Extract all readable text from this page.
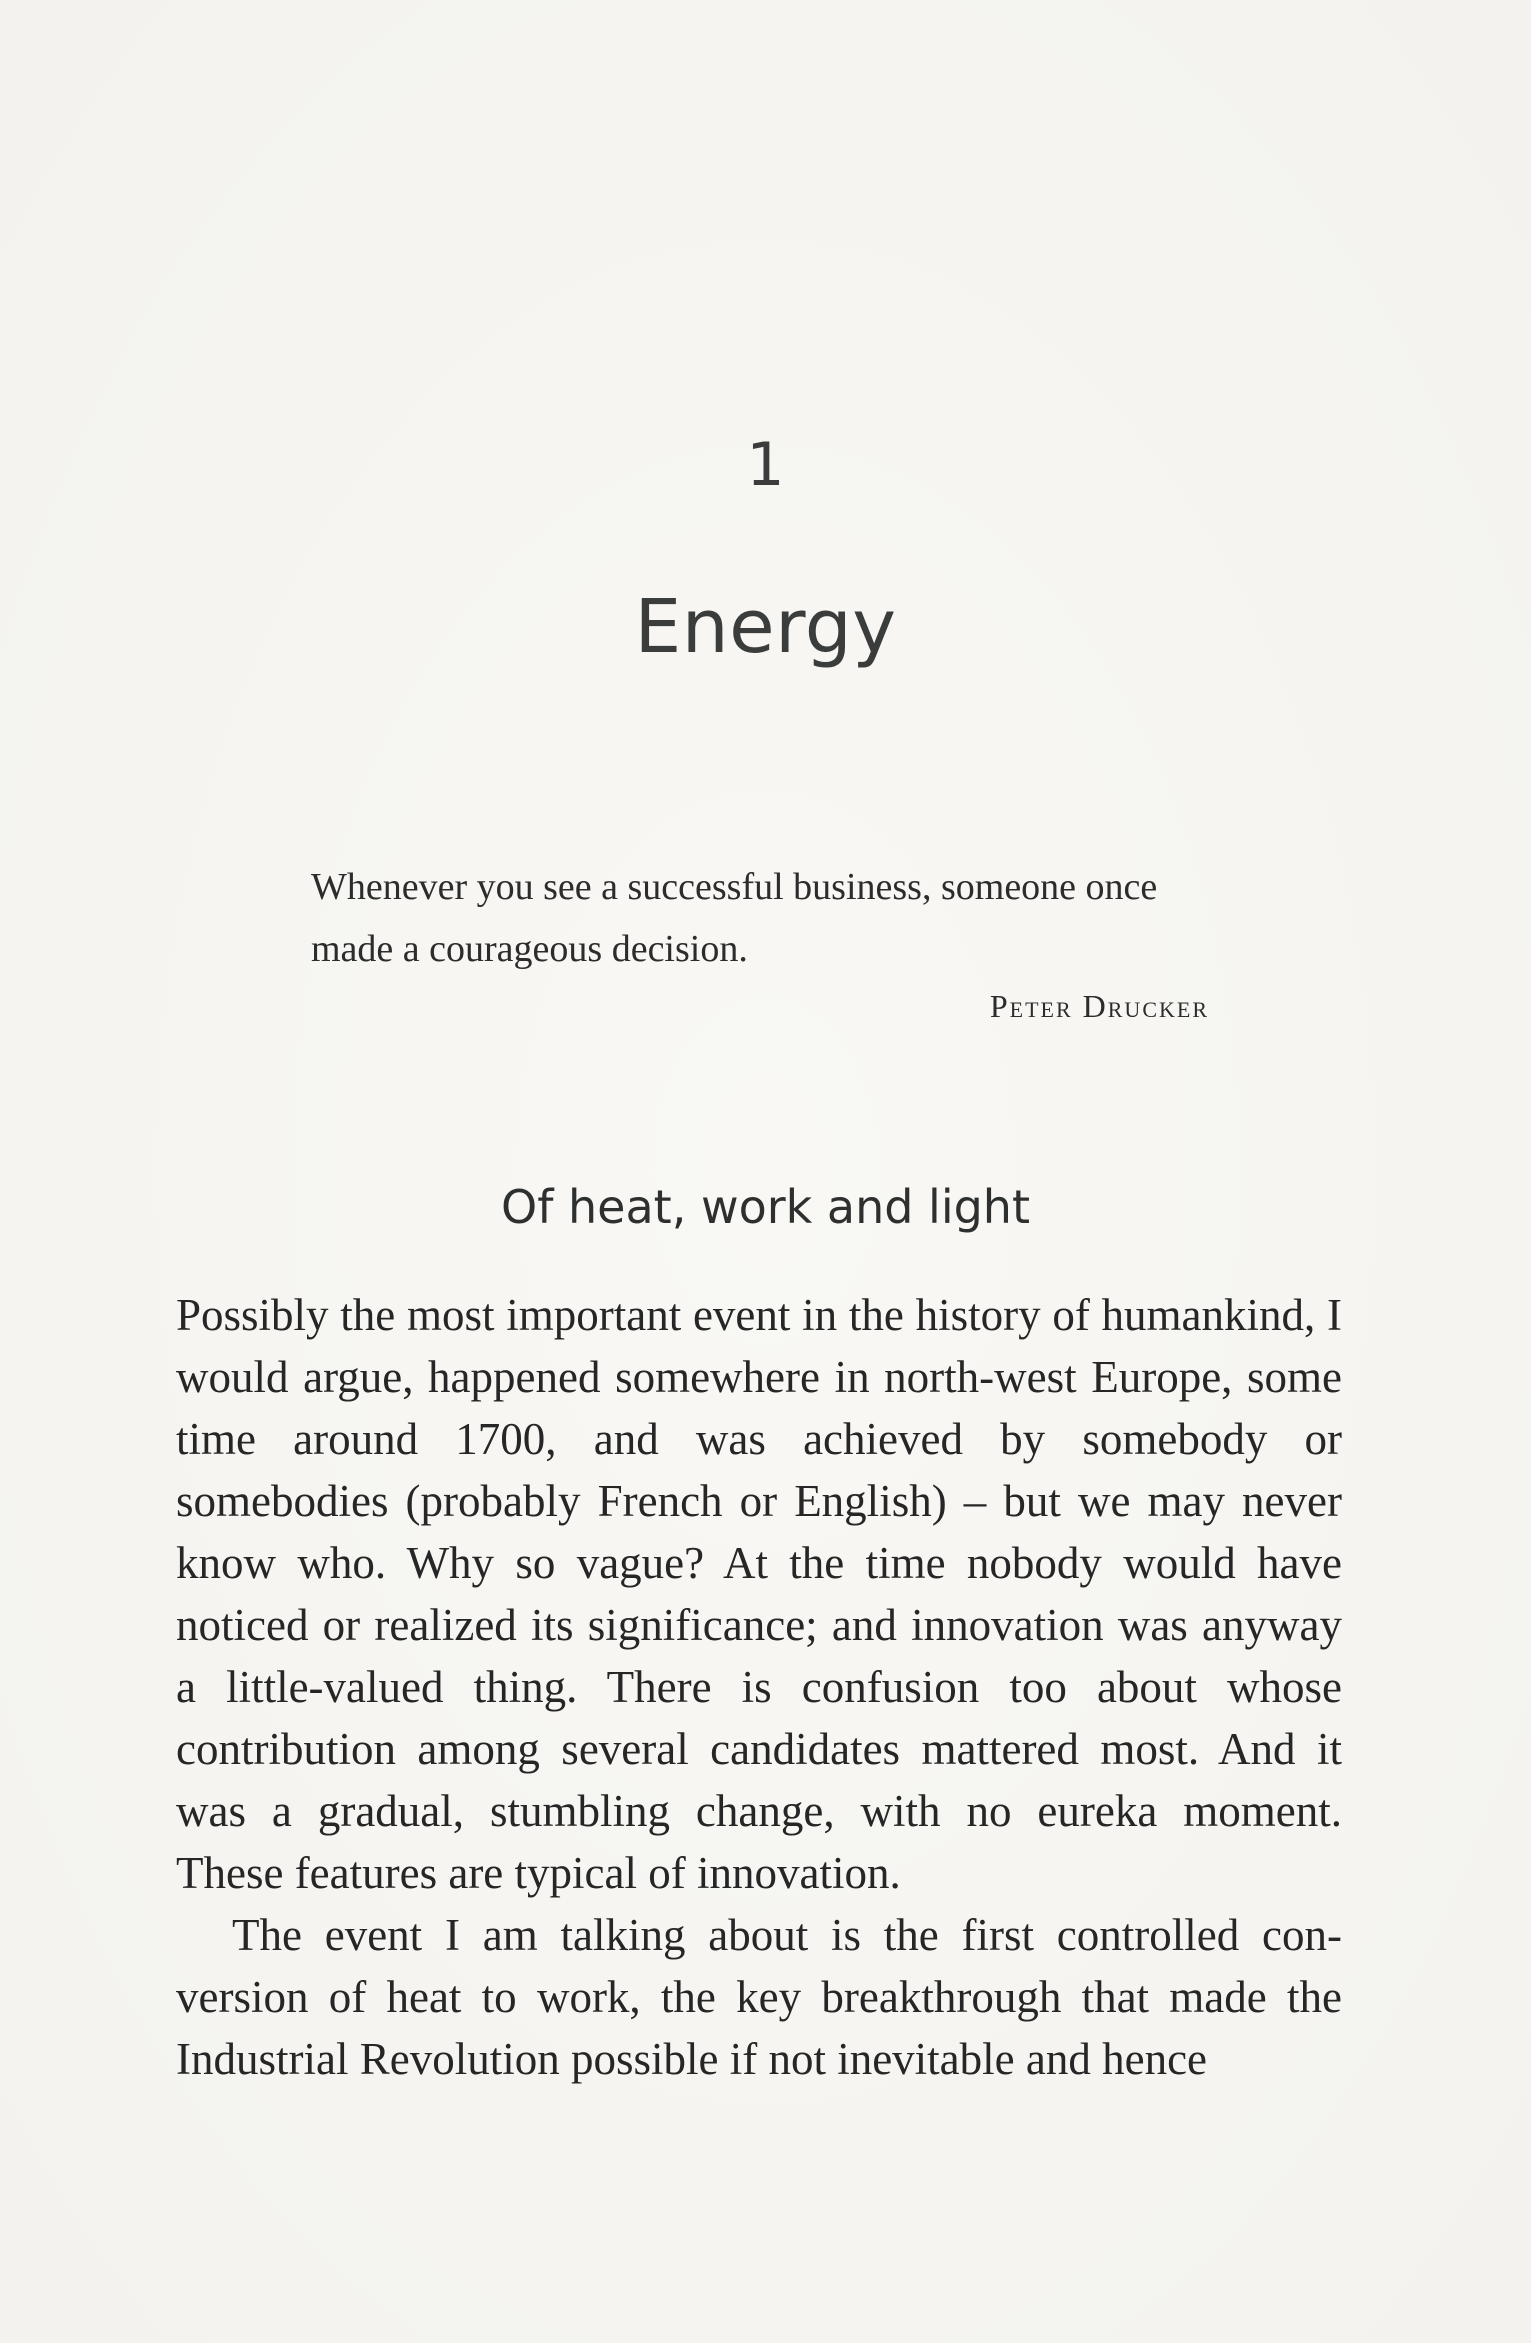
1
Energy
Whenever you see a successful business, someone once made a courageous decision.
Peter Drucker
Of heat, work and light

Possibly the most important event in the history of humankind, I would argue, happened somewhere in north-west Europe, some time around 1700, and was achieved by somebody or somebodies (probably French or English) – but we may never know who. Why so vague? At the time nobody would have noticed or realized its significance; and innovation was anyway a little-valued thing. There is confusion too about whose contribution among several candidates mattered most. And it was a gradual, stumbling change, with no eureka moment. These features are typical of innovation.

The event I am talking about is the first controlled conversion of heat to work, the key breakthrough that made the Industrial Revolution possible if not inevitable and hence
